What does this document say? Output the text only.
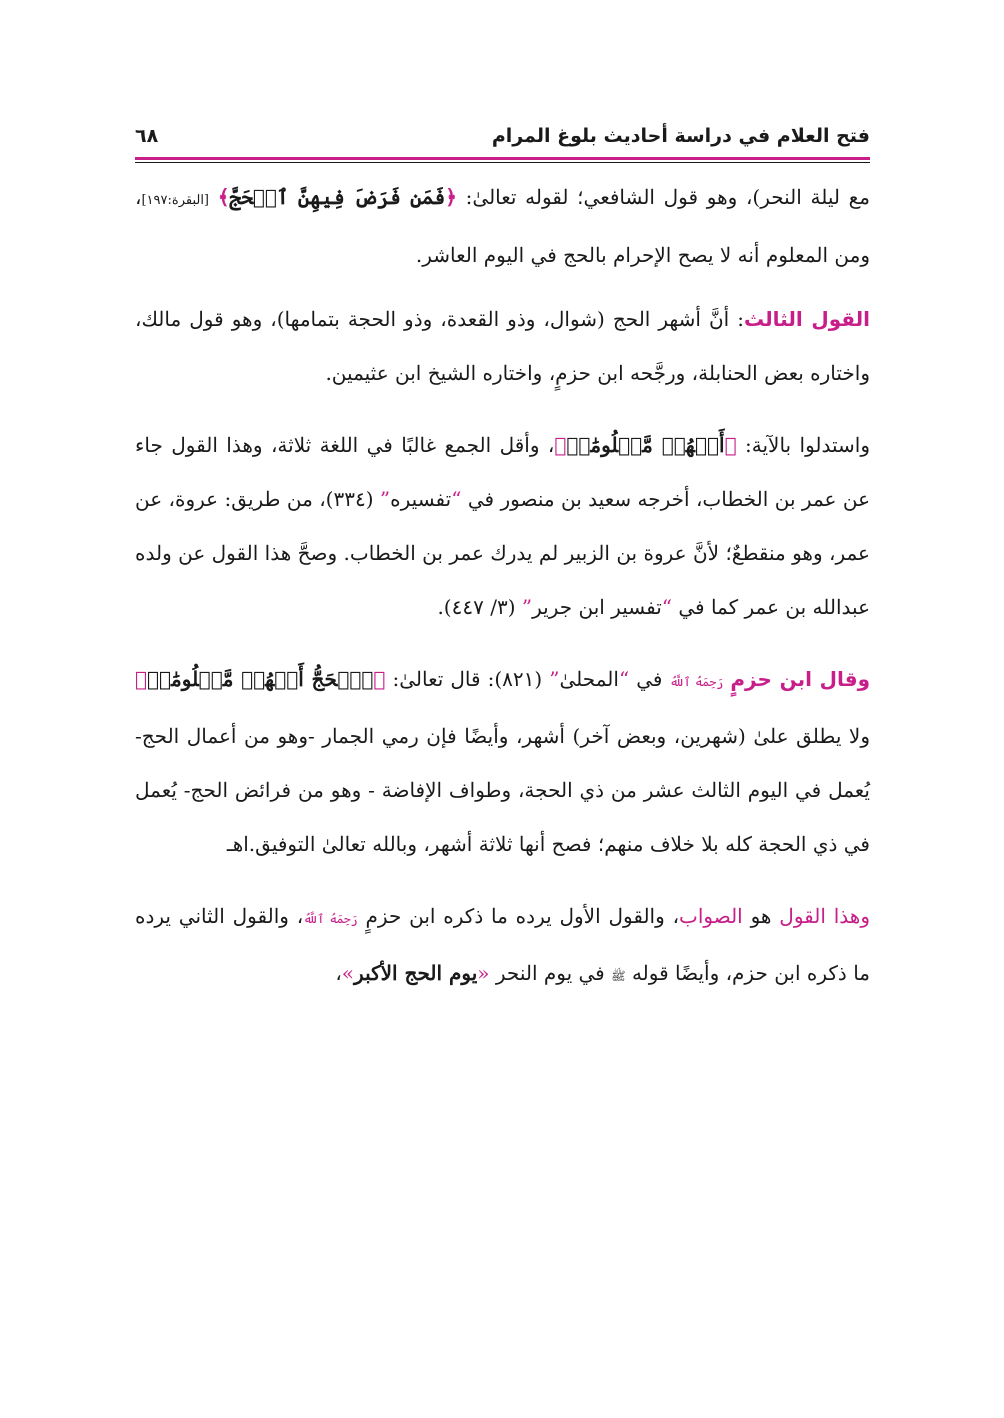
فتح العلام في دراسة أحاديث بلوغ المرام
٦٨

مع ليلة النحر)، وهو قول الشافعي؛ لقوله تعالىٰ: ﴿فَمَن فَرَضَ فِيهِنَّ ٱلۡحَجَّ﴾ [البقرة:١٩٧]، ومن المعلوم أنه لا يصح الإحرام بالحج في اليوم العاشر.

القول الثالث: أنَّ أشهر الحج (شوال، وذو القعدة، وذو الحجة بتمامها)، وهو قول مالك، واختاره بعض الحنابلة، ورجَّحه ابن حزمٍ، واختاره الشيخ ابن عثيمين.

واستدلوا بالآية: ﴿أَشۡهُرٞ مَّعۡلُومَٰتٞ﴾، وأقل الجمع غالبًا في اللغة ثلاثة، وهذا القول جاء عن عمر بن الخطاب، أخرجه سعيد بن منصور في “تفسيره” (٣٣٤)، من طريق: عروة، عن عمر، وهو منقطعٌ؛ لأنَّ عروة بن الزبير لم يدرك عمر بن الخطاب. وصحَّ هذا القول عن ولده عبدالله بن عمر كما في “تفسير ابن جرير” (٣/ ٤٤٧).

وقال ابن حزمٍ رَحِمَهُ ٱللَّهُ في “المحلىٰ” (٨٢١): قال تعالىٰ: ﴿ٱلۡحَجُّ أَشۡهُرٞ مَّعۡلُومَٰتٞ﴾ ولا يطلق علىٰ (شهرين، وبعض آخر) أشهر، وأيضًا فإن رمي الجمار -وهو من أعمال الحج- يُعمل في اليوم الثالث عشر من ذي الحجة، وطواف الإفاضة - وهو من فرائض الحج- يُعمل في ذي الحجة كله بلا خلاف منهم؛ فصح أنها ثلاثة أشهر، وبالله تعالىٰ التوفيق.اهـ

وهذا القول هو الصواب، والقول الأول يرده ما ذكره ابن حزمٍ رَحِمَهُ ٱللَّهُ، والقول الثاني يرده ما ذكره ابن حزم، وأيضًا قوله ﷺ في يوم النحر «يوم الحج الأكبر»،
